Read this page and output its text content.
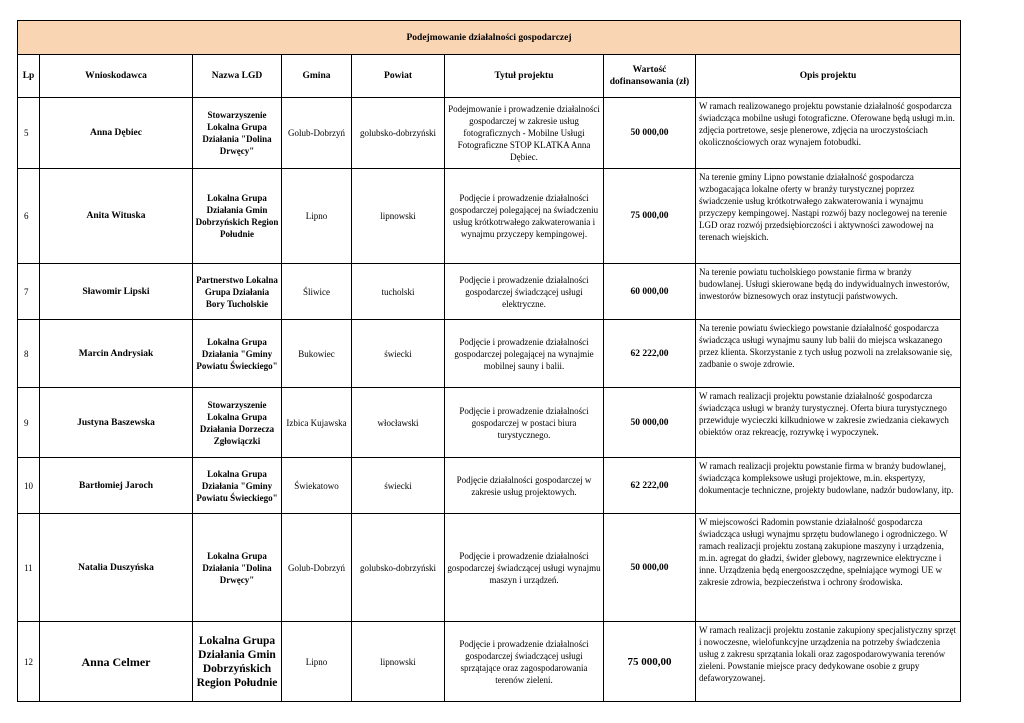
Podejmowanie działalności gospodarczej							
Lp	Wnioskodawca	Nazwa LGD	Gmina	Powiat	Tytuł projektu	Wartość dofinansowania (zł)	Opis projektu
5	Anna Dębiec	Stowarzyszenie Lokalna Grupa Działania "Dolina Drwęcy"	Golub-Dobrzyń	golubsko-dobrzyński	Podejmowanie i prowadzenie działalności gospodarczej w zakresie usług fotograficznych - Mobilne Usługi Fotograficzne STOP KLATKA Anna Dębiec.	50 000,00	W ramach realizowanego projektu powstanie działalność gospodarcza świadcząca mobilne usługi fotograficzne. Oferowane będą usługi m.in. zdjęcia portretowe, sesje plenerowe, zdjęcia na uroczystościach okolicznościowych oraz wynajem fotobudki.
6	Anita Wituska	Lokalna Grupa Działania Gmin Dobrzyńskich Region Południe	Lipno	lipnowski	Podjęcie i prowadzenie działalności gospodarczej polegającej na świadczeniu usług krótkotrwałego zakwaterowania i wynajmu przyczepy kempingowej.	75 000,00	Na terenie gminy Lipno powstanie działalność gospodarcza wzbogacająca lokalne oferty w branży turystycznej poprzez świadczenie usług krótkotrwałego zakwaterowania i wynajmu przyczepy kempingowej. Nastąpi rozwój bazy noclegowej na terenie LGD oraz rozwój przedsiębiorczości i aktywności zawodowej na terenach wiejskich.
7	Sławomir Lipski	Partnerstwo Lokalna Grupa Działania Bory Tucholskie	Śliwice	tucholski	Podjęcie i prowadzenie działalności gospodarczej świadczącej usługi elektryczne.	60 000,00	Na terenie powiatu tucholskiego powstanie firma w branży budowlanej. Usługi skierowane będą do indywidualnych inwestorów, inwestorów biznesowych oraz instytucji państwowych.
8	Marcin Andrysiak	Lokalna Grupa Działania "Gminy Powiatu Świeckiego"	Bukowiec	świecki	Podjęcie i prowadzenie działalności gospodarczej polegającej na wynajmie mobilnej sauny i balii.	62 222,00	Na terenie powiatu świeckiego powstanie działalność gospodarcza świadcząca usługi wynajmu sauny lub balii do miejsca wskazanego przez klienta. Skorzystanie z tych usług pozwoli na zrelaksowanie się, zadbanie o swoje zdrowie.
9	Justyna Baszewska	Stowarzyszenie Lokalna Grupa Działania Dorzecza Zgłowiączki	Izbica Kujawska	włocławski	Podjęcie i prowadzenie działalności gospodarczej w postaci biura turystycznego.	50 000,00	W ramach realizacji projektu powstanie działalność gospodarcza świadcząca usługi w branży turystycznej. Oferta biura turystycznego przewiduje wycieczki kilkudniowe w zakresie zwiedzania ciekawych obiektów oraz rekreację, rozrywkę i wypoczynek.
10	Bartłomiej Jaroch	Lokalna Grupa Działania "Gminy Powiatu Świeckiego"	Świekatowo	świecki	Podjęcie działalności gospodarczej w zakresie usług projektowych.	62 222,00	W ramach realizacji projektu powstanie firma w branży budowlanej, świadcząca kompleksowe usługi projektowe, m.in. ekspertyzy, dokumentacje techniczne, projekty budowlane, nadzór budowlany, itp.
11	Natalia Duszyńska	Lokalna Grupa Działania "Dolina Drwęcy"	Golub-Dobrzyń	golubsko-dobrzyński	Podjęcie i prowadzenie działalności gospodarczej świadczącej usługi wynajmu maszyn i urządzeń.	50 000,00	W miejscowości Radomin powstanie działalność gospodarcza świadcząca usługi wynajmu sprzętu budowlanego i ogrodniczego. W ramach realizacji projektu zostaną zakupione maszyny i urządzenia, m.in. agregat do gładzi, świder glebowy, nagrzewnice elektryczne i inne. Urządzenia będą energooszczędne, spełniające wymogi UE w zakresie zdrowia, bezpieczeństwa i ochrony środowiska.
12	Anna Celmer	Lokalna Grupa Działania Gmin Dobrzyńskich Region Południe	Lipno	lipnowski	Podjęcie i prowadzenie działalności gospodarczej świadczącej usługi sprzątające oraz zagospodarowania terenów zieleni.	75 000,00	W ramach realizacji projektu zostanie zakupiony specjalistyczny sprzęt i nowoczesne, wielofunkcyjne urządzenia na potrzeby świadczenia usług z zakresu sprzątania lokali oraz zagospodarowywania terenów zieleni. Powstanie miejsce pracy dedykowane osobie z grupy defaworyzowanej.
